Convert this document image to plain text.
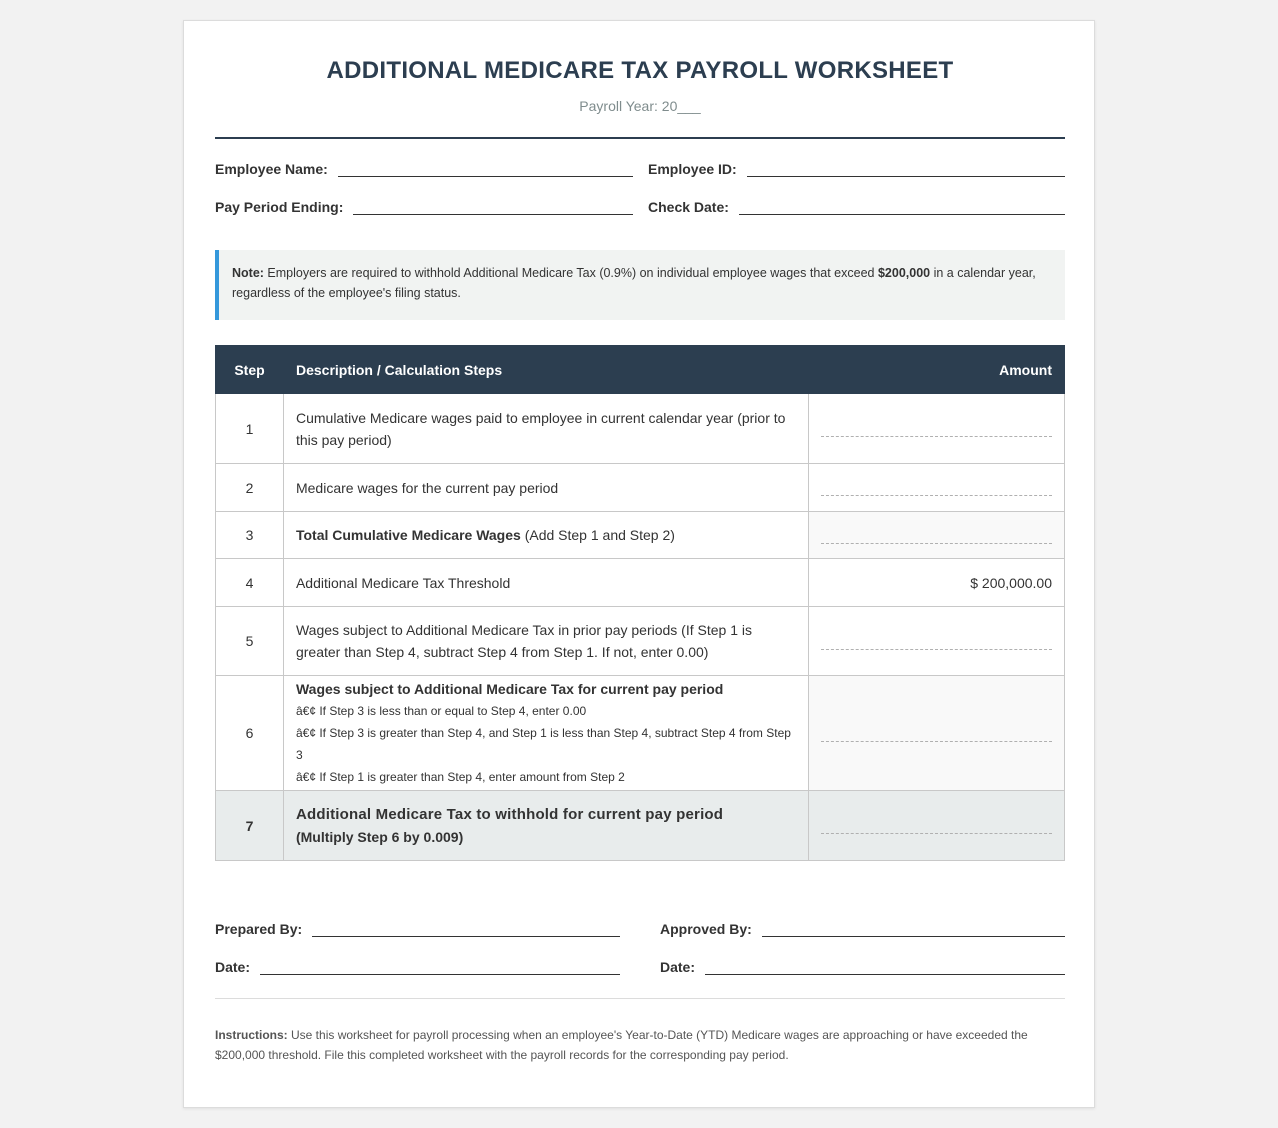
ADDITIONAL MEDICARE TAX PAYROLL WORKSHEET
Payroll Year: 20___
Employee Name:	Employee ID:
Pay Period Ending:	Check Date:
Note: Employers are required to withhold Additional Medicare Tax (0.9%) on individual employee wages that exceed $200,000 in a calendar year, regardless of the employee's filing status.
Step	Description / Calculation Steps	Amount
1	Cumulative Medicare wages paid to employee in current calendar year (prior to this pay period)	

2	Medicare wages for the current pay period	

3	Total Cumulative Medicare Wages (Add Step 1 and Step 2)	

4	Additional Medicare Tax Threshold	$ 200,000.00
5	Wages subject to Additional Medicare Tax in prior pay periods (If Step 1 is greater than Step 4, subtract Step 4 from Step 1. If not, enter 0.00)	

6	Wages subject to Additional Medicare Tax for current pay period
â€¢ If Step 3 is less than or equal to Step 4, enter 0.00
â€¢ If Step 3 is greater than Step 4, and Step 1 is less than Step 4, subtract Step 4 from Step 3
â€¢ If Step 1 is greater than Step 4, enter amount from Step 2	

7	Additional Medicare Tax to withhold for current pay period
(Multiply Step 6 by 0.009)	

Prepared By:	Approved By:
Date:	Date:
Instructions: Use this worksheet for payroll processing when an employee's Year-to-Date (YTD) Medicare wages are approaching or have exceeded the $200,000 threshold. File this completed worksheet with the payroll records for the corresponding pay period.
